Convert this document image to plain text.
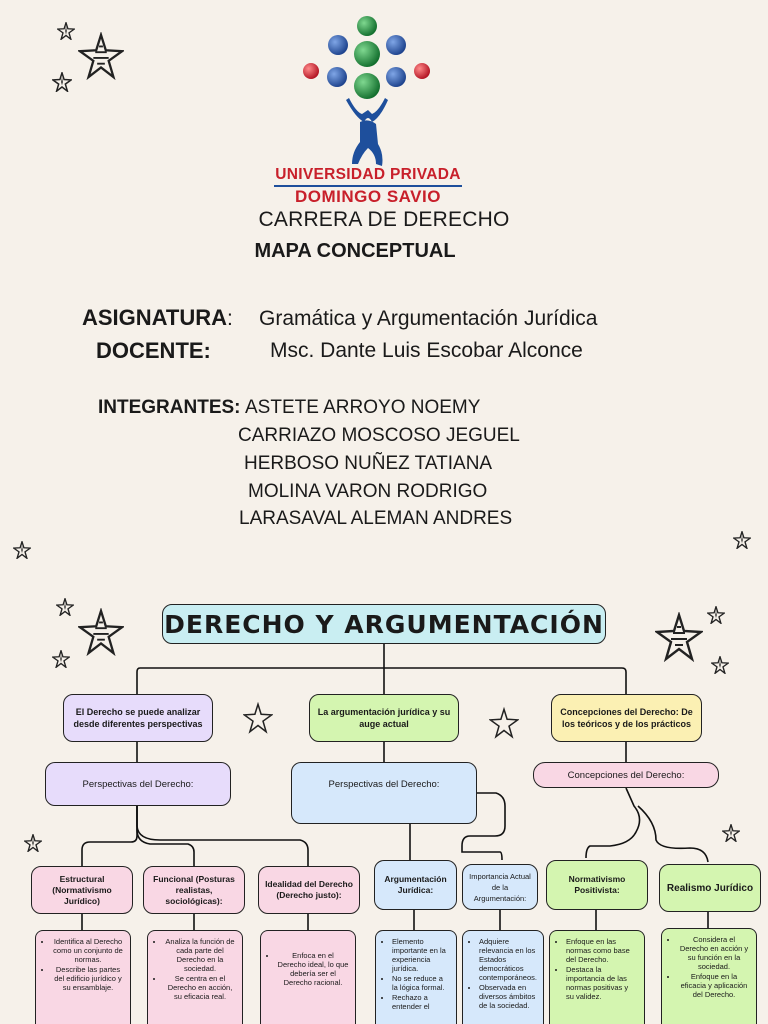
UNIVERSIDAD PRIVADA
DOMINGO SAVIO
CARRERA DE DERECHO
MAPA CONCEPTUAL
ASIGNATURA: Gramática y Argumentación Jurídica
DOCENTE:	Msc. Dante Luis Escobar Alconce
INTEGRANTES: ASTETE ARROYO NOEMY
CARRIAZO MOSCOSO JEGUEL
HERBOSO NUÑEZ TATIANA
MOLINA VARON RODRIGO
LARASAVAL ALEMAN ANDRES
DERECHO Y ARGUMENTACIÓN
El Derecho se puede analizar desde diferentes perspectivas
La argumentación jurídica y su auge actual
Concepciones del Derecho: De los teóricos y de los prácticos
Perspectivas del Derecho:	Perspectivas del Derecho:
Concepciones del Derecho:
Estructural (Normativismo Jurídico)
Funcional (Posturas realistas, sociológicas):
Idealidad del Derecho (Derecho justo):
Argumentación Jurídica:
Importancia Actual de la Argumentación:
Normativismo Positivista:	Realismo Jurídico
• Identifica al Derecho como un conjunto de normas.
• Describe las partes del edificio jurídico y su ensamblaje.
• Analiza la función de cada parte del Derecho en la sociedad.
• Se centra en el Derecho en acción, su eficacia real.
• Enfoca en el Derecho ideal, lo que debería ser el Derecho racional.
• Elemento importante en la experiencia jurídica.
• No se reduce a la lógica formal.
• Rechazo a entender el
• Adquiere relevancia en los Estados democráticos contemporáneos.
• Observada en diversos ámbitos de la sociedad.
• Enfoque en las normas como base del Derecho.
• Destaca la importancia de las normas positivas y su validez.
• Considera el Derecho en acción y su función en la sociedad.
• Enfoque en la eficacia y aplicación del Derecho.
